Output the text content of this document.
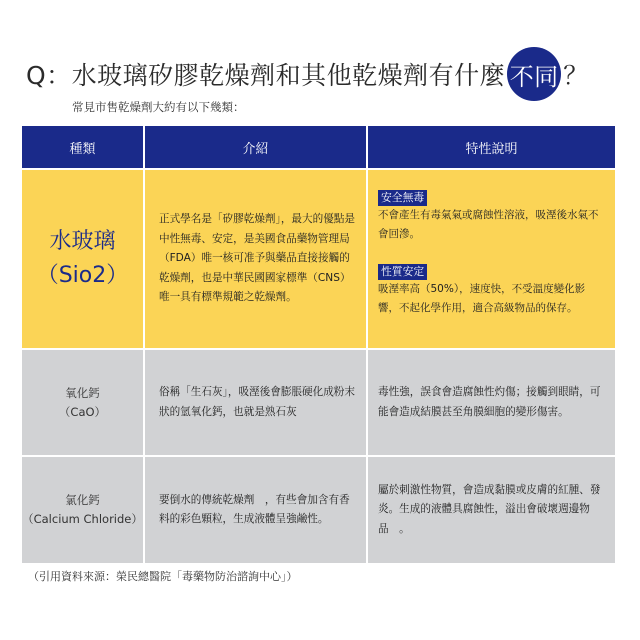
Q：水玻璃矽膠乾燥劑和其他乾燥劑有什麼 不同 ？
常見市售乾燥劑大約有以下幾類：
種類	介紹	特性說明
水玻璃
（Sio2）
正式學名是「矽膠乾燥劑」，最大的優點是中性無毒、安定，是美國食品藥物管理局（FDA）唯一核可准予與藥品直接接觸的乾燥劑，也是中華民國國家標準（CNS）唯一具有標準規範之乾燥劑。
安全無毒
不會產生有毒氣氣或腐蝕性溶液，吸溼後水氣不會回滲。
性質安定
吸溼率高（50%），速度快，不受溫度變化影響，不起化學作用，適合高級物品的保存。
氧化鈣
（CaO）
俗稱「生石灰」，吸溼後會膨脹硬化成粉末狀的氫氧化鈣，也就是熟石灰
毒性強，誤食會造腐蝕性灼傷；接觸到眼睛，可能會造成結膜甚至角膜細胞的變形傷害。
氯化鈣
（Calcium Chloride）
要倒水的傳統乾燥劑　，有些會加含有香料的彩色顆粒，生成液體呈強鹼性。
屬於刺激性物質，會造成黏膜或皮膚的紅腫、發炎。生成的液體具腐蝕性，溢出會破壞週邊物品　。
（引用資料來源：榮民總醫院「毒藥物防治諮詢中心」）
